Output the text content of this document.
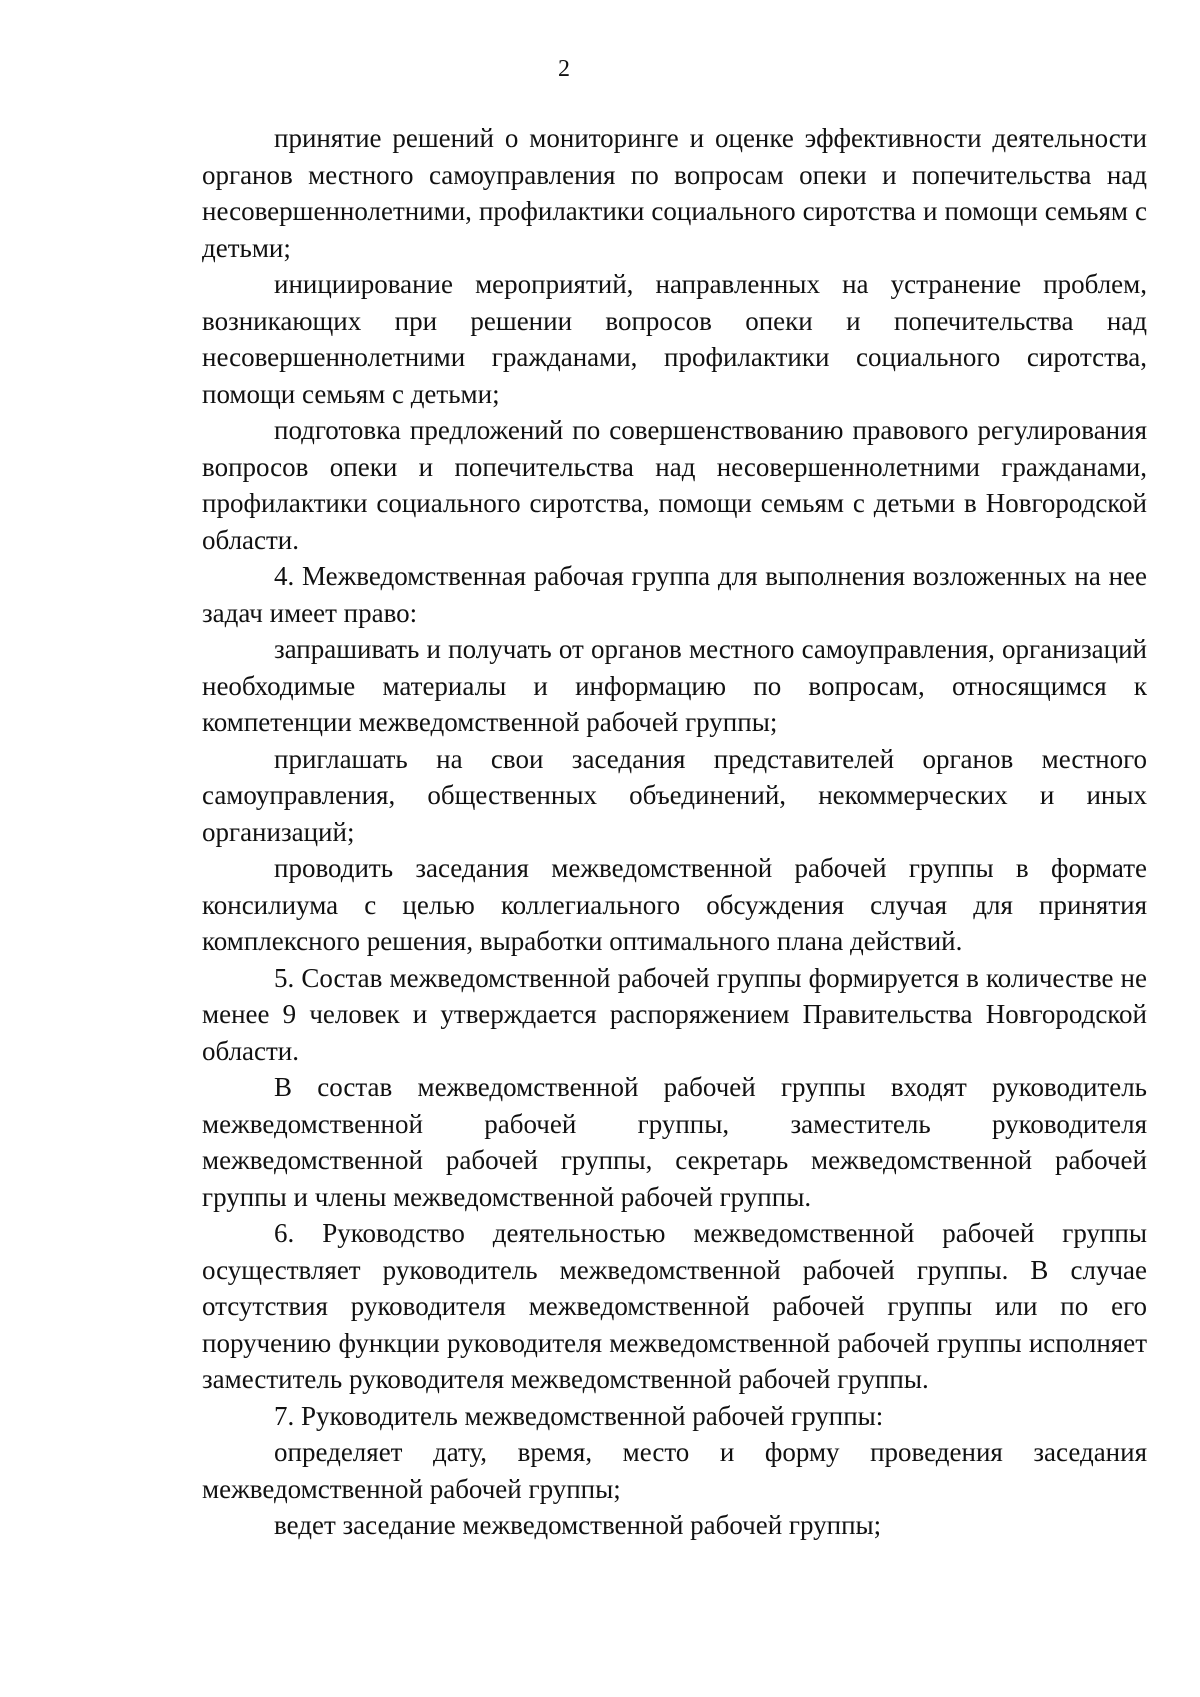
2

принятие решений о мониторинге и оценке эффективности деятельности органов местного самоуправления по вопросам опеки и попечительства над несовершеннолетними, профилактики социального сиротства и помощи семьям с детьми;

инициирование мероприятий, направленных на устранение проблем, возникающих при решении вопросов опеки и попечительства над несовершеннолетними гражданами, профилактики социального сиротства, помощи семьям с детьми;

подготовка предложений по совершенствованию правового регулирования вопросов опеки и попечительства над несовершеннолетними гражданами, профилактики социального сиротства, помощи семьям с детьми в Новгородской области.

4. Межведомственная рабочая группа для выполнения возложенных на нее задач имеет право:

запрашивать и получать от органов местного самоуправления, организаций необходимые материалы и информацию по вопросам, относящимся к компетенции межведомственной рабочей группы;

приглашать на свои заседания представителей органов местного самоуправления, общественных объединений, некоммерческих и иных организаций;

проводить заседания межведомственной рабочей группы в формате консилиума с целью коллегиального обсуждения случая для принятия комплексного решения, выработки оптимального плана действий.

5. Состав межведомственной рабочей группы формируется в количестве не менее 9 человек и утверждается распоряжением Правительства Новгородской области.

В состав межведомственной рабочей группы входят руководитель межведомственной рабочей группы, заместитель руководителя межведомственной рабочей группы, секретарь межведомственной рабочей группы и члены межведомственной рабочей группы.

6. Руководство деятельностью межведомственной рабочей группы осуществляет руководитель межведомственной рабочей группы. В случае отсутствия руководителя межведомственной рабочей группы или по его поручению функции руководителя межведомственной рабочей группы исполняет заместитель руководителя межведомственной рабочей группы.

7. Руководитель межведомственной рабочей группы:

определяет дату, время, место и форму проведения заседания межведомственной рабочей группы;

ведет заседание межведомственной рабочей группы;
